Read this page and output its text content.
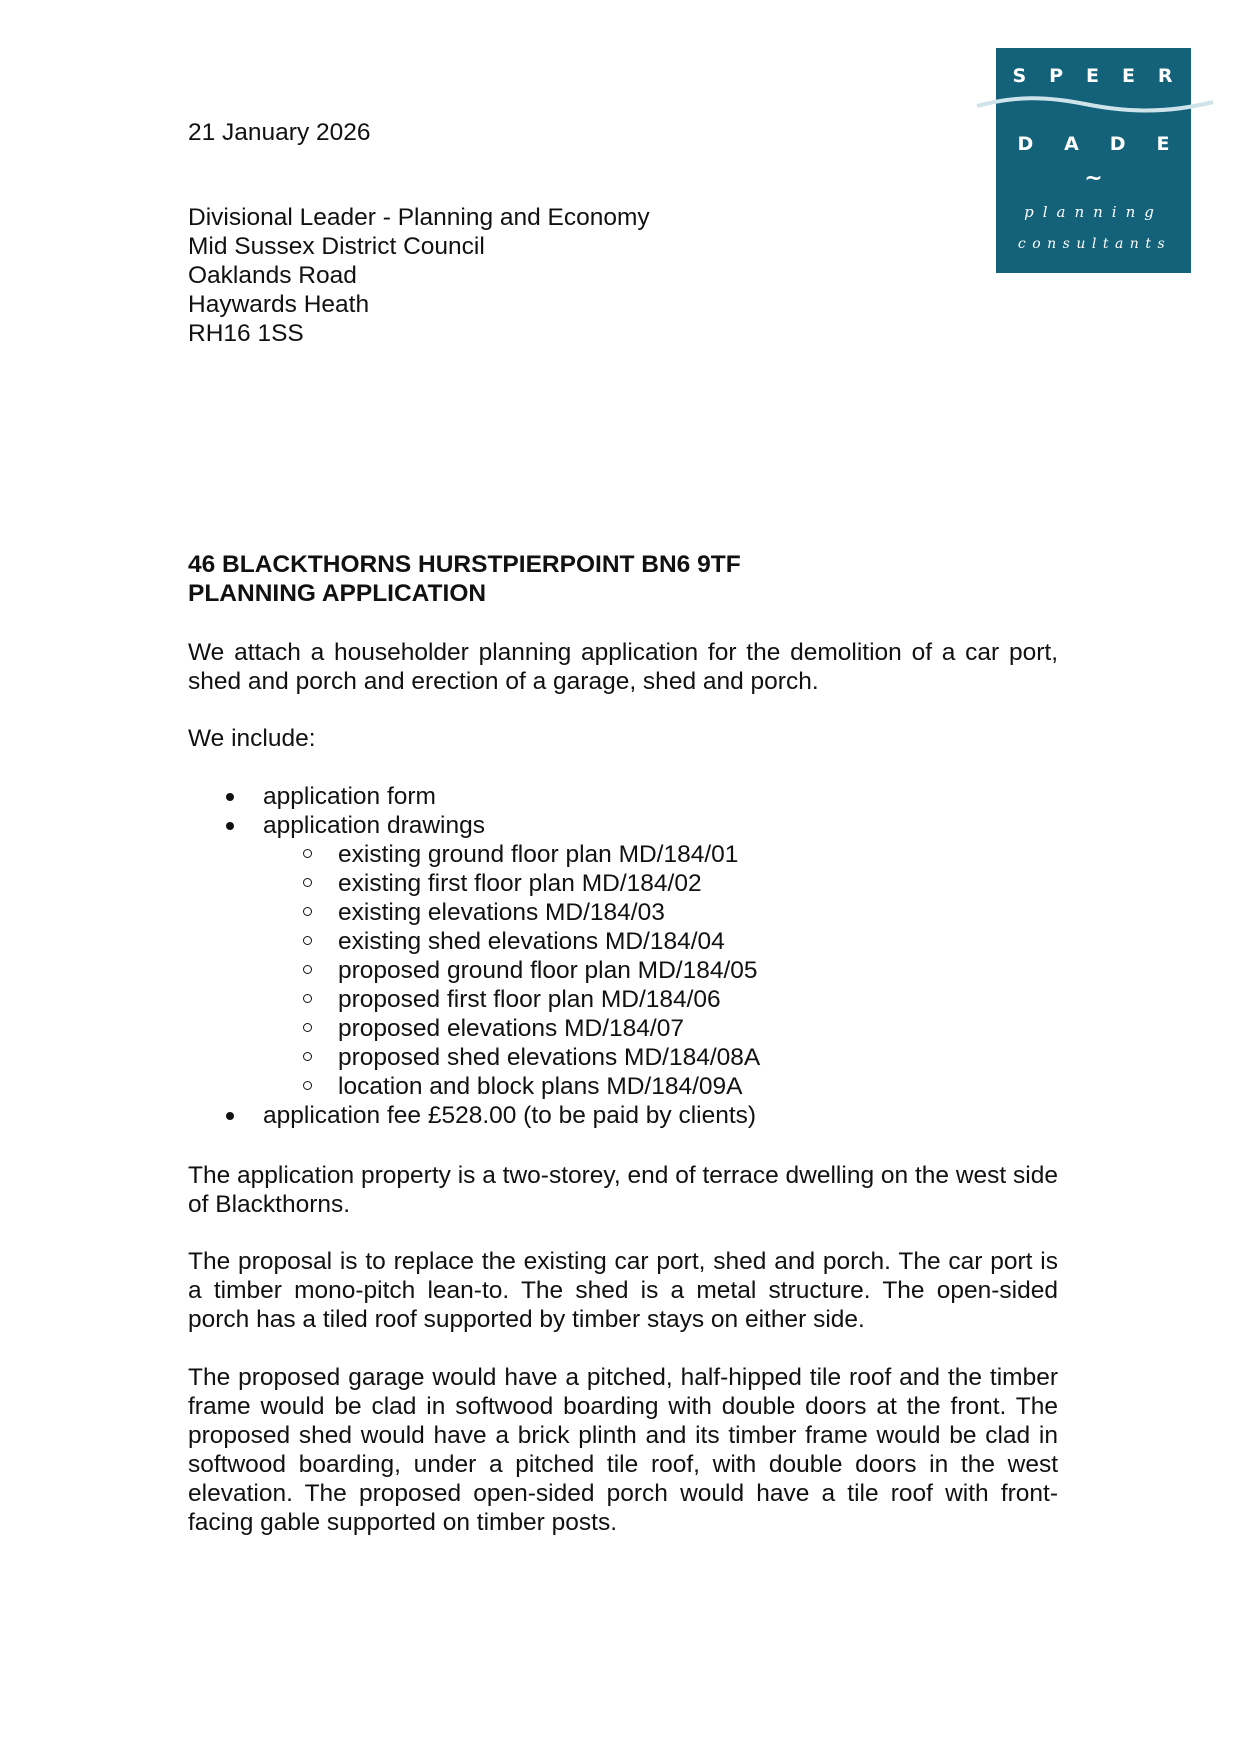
S P E E R
D A D E
~
planning
consultants
21 January 2026
Divisional Leader - Planning and Economy
Mid Sussex District Council
Oaklands Road
Haywards Heath
RH16 1SS
46 BLACKTHORNS HURSTPIERPOINT BN6 9TF
PLANNING APPLICATION
We attach a householder planning application for the demolition of a car port, shed and porch and erection of a garage, shed and porch.
We include:
application form
application drawings
existing ground floor plan MD/184/01
existing first floor plan MD/184/02
existing elevations MD/184/03
existing shed elevations MD/184/04
proposed ground floor plan MD/184/05
proposed first floor plan MD/184/06
proposed elevations MD/184/07
proposed shed elevations MD/184/08A
location and block plans MD/184/09A
application fee £528.00 (to be paid by clients)
The application property is a two-storey, end of terrace dwelling on the west side of Blackthorns.
The proposal is to replace the existing car port, shed and porch. The car port is a timber mono-pitch lean-to. The shed is a metal structure. The open-sided porch has a tiled roof supported by timber stays on either side.
The proposed garage would have a pitched, half-hipped tile roof and the timber frame would be clad in softwood boarding with double doors at the front. The proposed shed would have a brick plinth and its timber frame would be clad in softwood boarding, under a pitched tile roof, with double doors in the west elevation. The proposed open-sided porch would have a tile roof with front-facing gable supported on timber posts.
